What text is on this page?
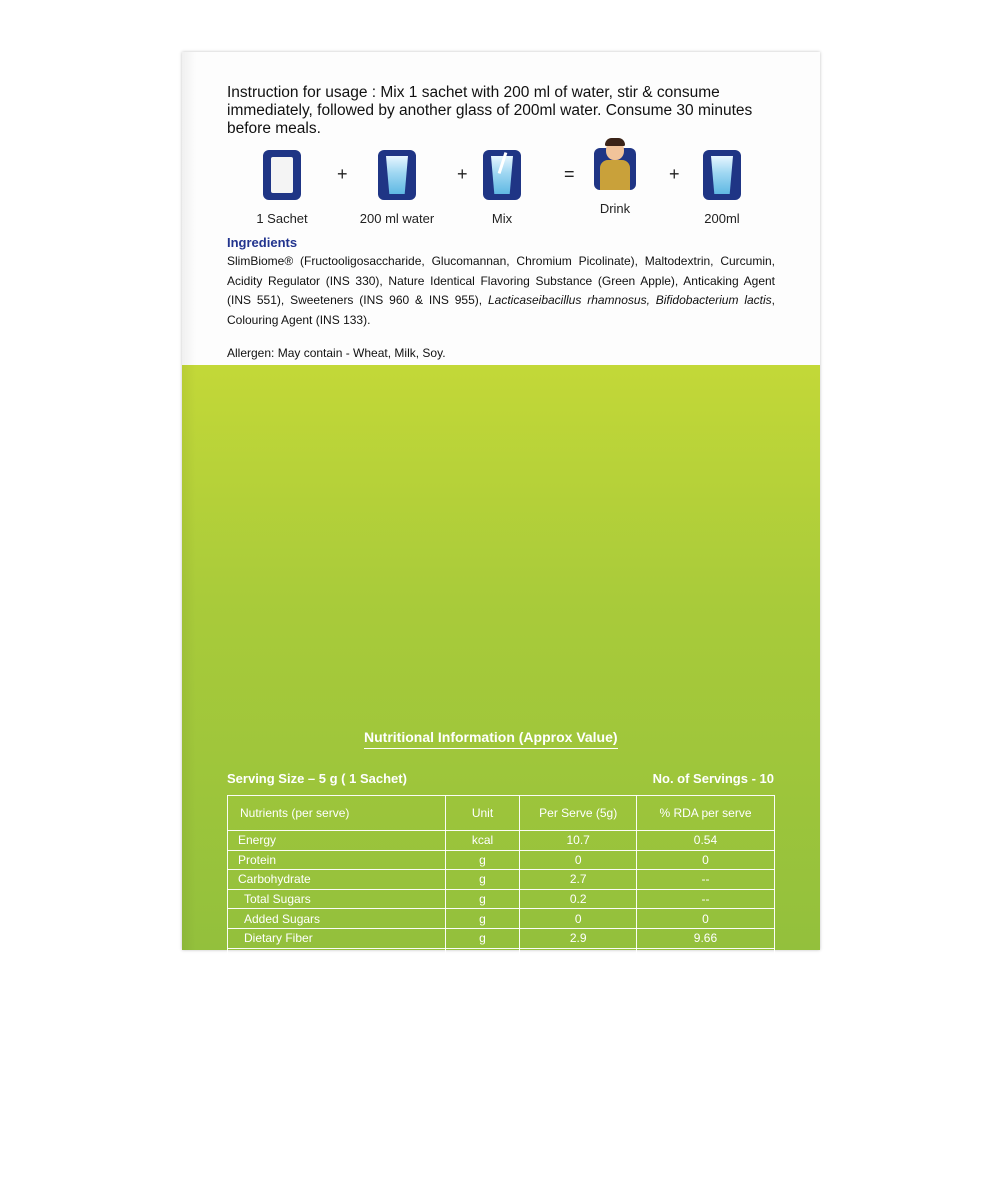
Instruction for usage : Mix 1 sachet with 200 ml of water, stir & consume immediately, followed by another glass of 200ml water. Consume 30 minutes before meals.

1 Sachet
+
200 ml water
+
Mix
=
Drink
+
200ml
Ingredients

SlimBiome® (Fructooligosaccharide, Glucomannan, Chromium Picolinate), Maltodextrin, Curcumin, Acidity Regulator (INS 330), Nature Identical Flavoring Substance (Green Apple), Anticaking Agent (INS 551), Sweeteners (INS 960 & INS 955), Lacticaseibacillus rhamnosus, Bifidobacterium lactis, Colouring Agent (INS 133).

Allergen: May contain - Wheat, Milk, Soy.
Nutritional Information (Approx Value)
Serving Size – 5 g ( 1 Sachet)	No. of Servings - 10
Nutrients (per serve)	Unit	Per Serve (5g)	% RDA per serve
Energy	kcal	10.7	0.54
Protein	g	0	0
Carbohydrate	g	2.7	--
Total Sugars	g	0.2	--
Added Sugars	g	0	0
Dietary Fiber	g	2.9	9.66
Sodium	mg	29.9	1.50
Total Fat	g	0	0
Slimbiome®	g	3	--
Fructooligosaccharide	g	1.99	--
Glucomannan	g	0.99	--
Chromium Picolinate	mcg	100	--
Lacticaseibacillus rhamnosus	Mn CFU	500	--
Bifidobacterium lactis	Mn CFU	500	--

%RDA calculated on the basis of 2000 KCal diet for adults and ICMR-NIN 2020 Men and Women (Sedentary Work).

-%RDA not established
Lightlife ® contains an admixture of Steviol Gylcoside (INS 960) and Sucralose (INS 955).
CONTAIN NON-CALORIC SWEETENER
